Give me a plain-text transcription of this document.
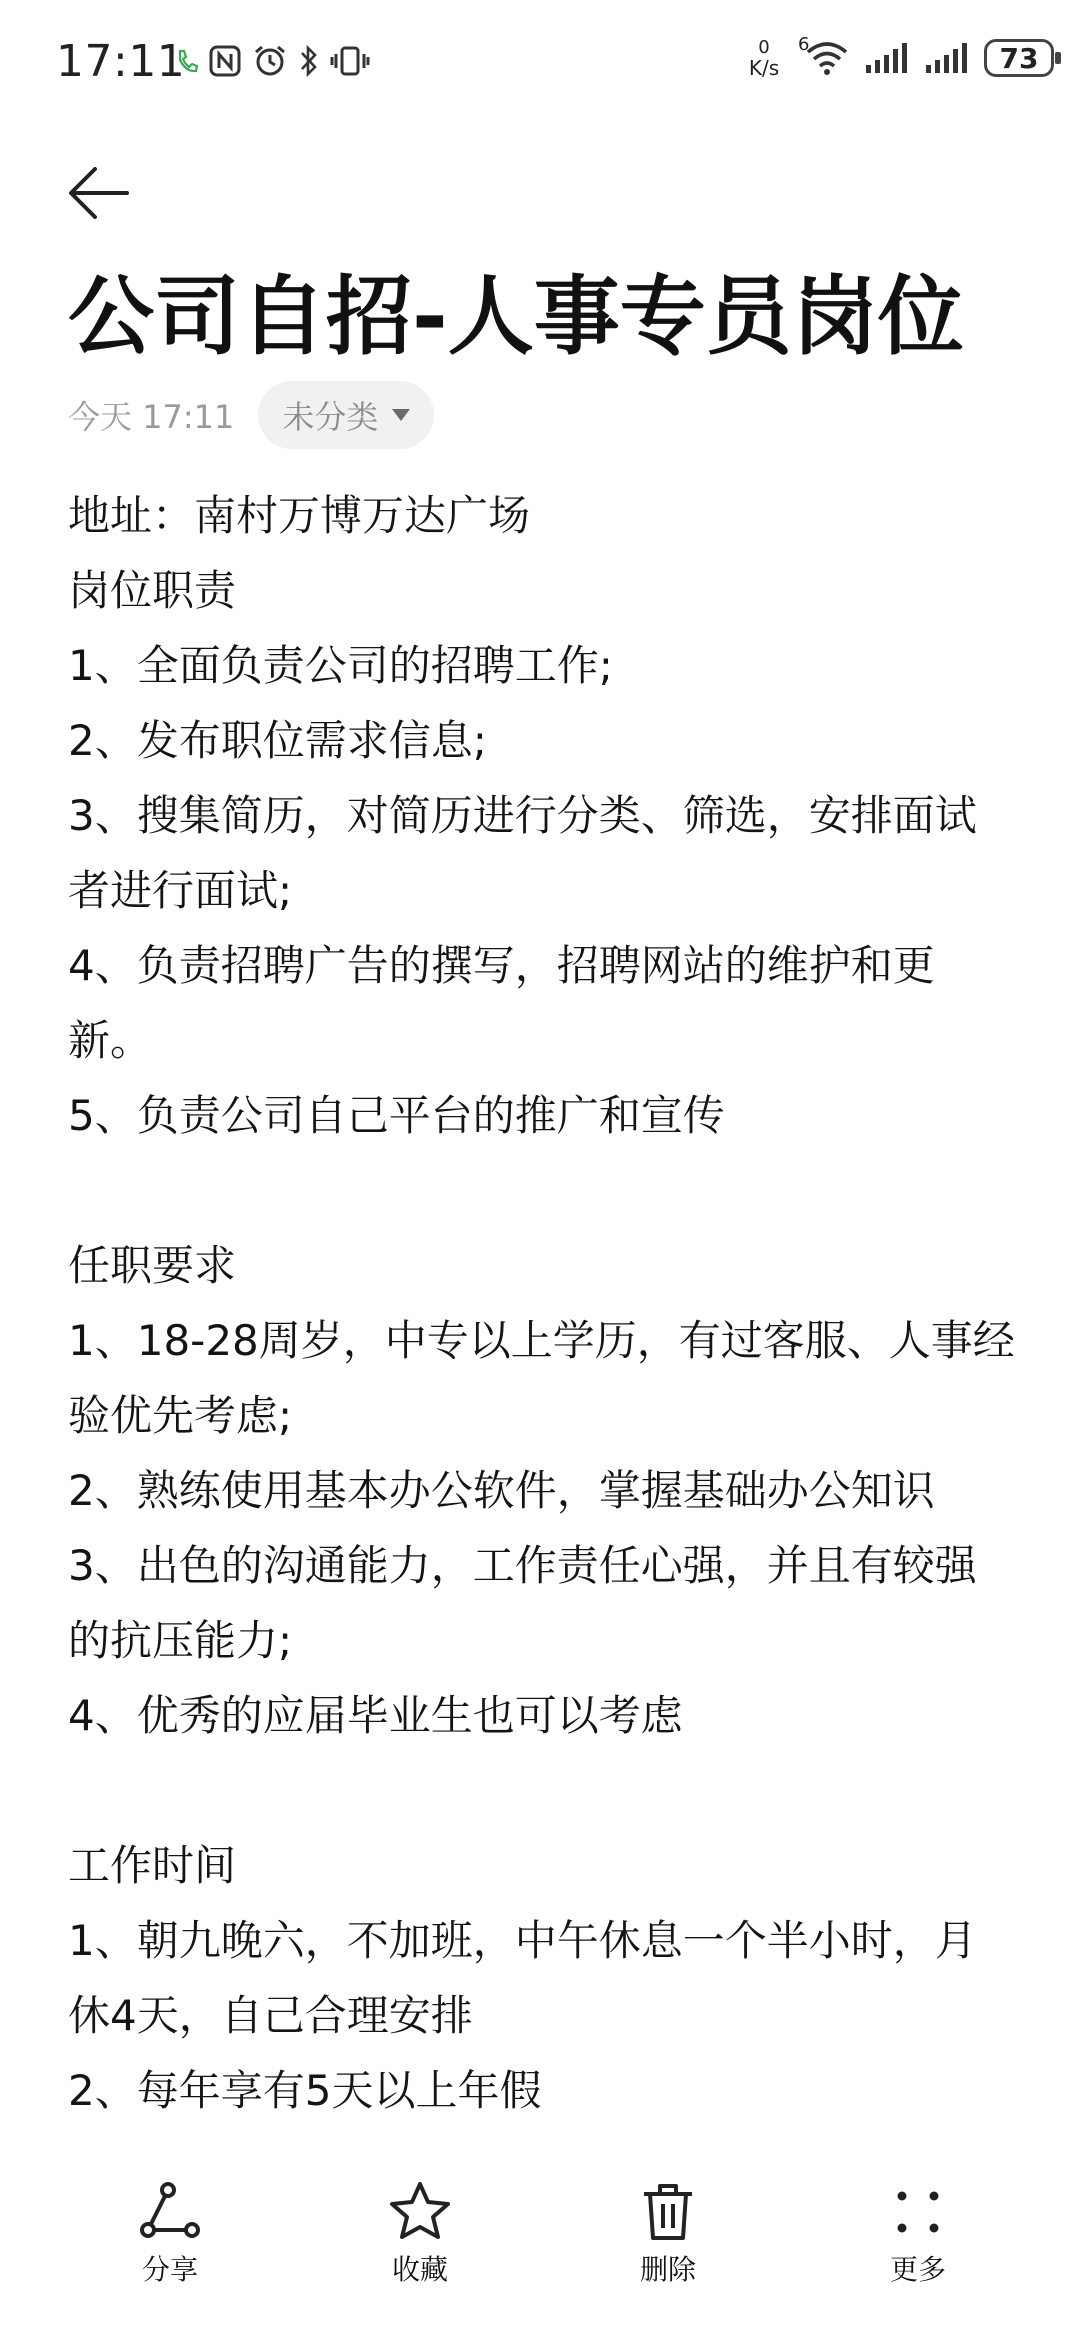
17:11	0
K/s
6	73
公司自招-人事专员岗位
今天 17:11 未分类
地址：南村万博万达广场
岗位职责
1、全面负责公司的招聘工作;
2、发布职位需求信息;
3、搜集简历，对简历进行分类、筛选，安排面试者进行面试;
4、负责招聘广告的撰写，招聘网站的维护和更新。
5、负责公司自己平台的推广和宣传
任职要求
1、18-28周岁，中专以上学历，有过客服、人事经验优先考虑;
2、熟练使用基本办公软件，掌握基础办公知识
3、出色的沟通能力，工作责任心强，并且有较强的抗压能力;
4、优秀的应届毕业生也可以考虑
工作时间
1、朝九晚六，不加班，中午休息一个半小时，月休4天，自己合理安排
2、每年享有5天以上年假
分享	收藏	删除	更多
